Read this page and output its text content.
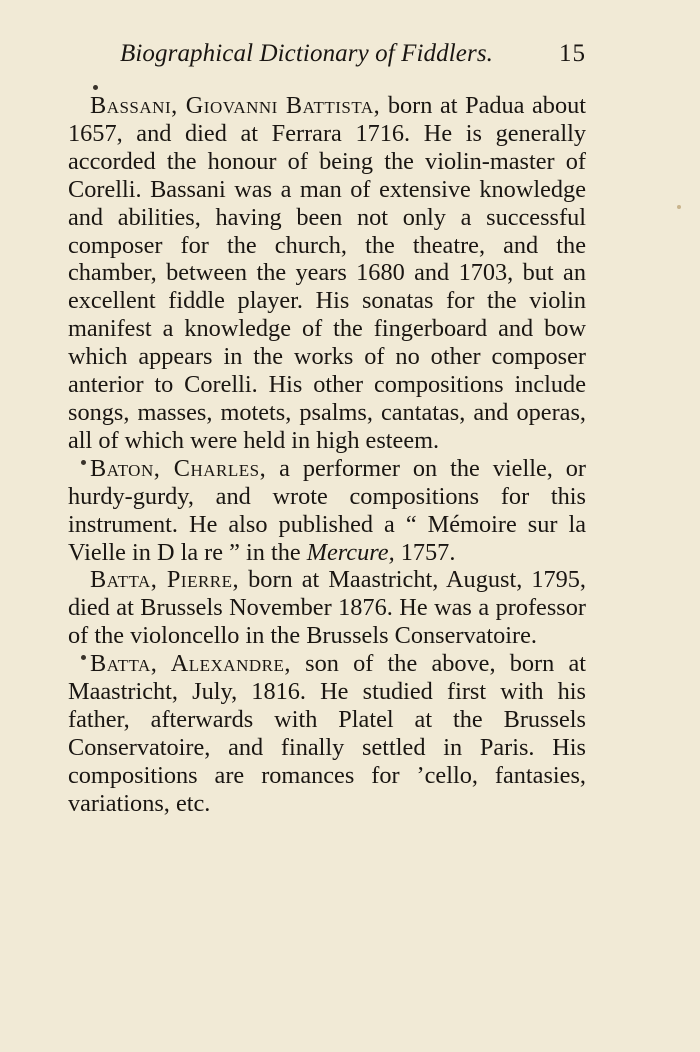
Biographical Dictionary of Fiddlers.	15

Bassani, Giovanni Battista, born at Padua about 1657, and died at Ferrara 1716. He is generally accorded the honour of being the violin-master of Corelli. Bassani was a man of extensive knowledge and abilities, having been not only a successful composer for the church, the theatre, and the chamber, between the years 1680 and 1703, but an excellent fiddle player. His sonatas for the violin manifest a knowledge of the fingerboard and bow which appears in the works of no other composer anterior to Corelli. His other compositions include songs, masses, motets, psalms, cantatas, and operas, all of which were held in high esteem.

Baton, Charles, a performer on the vielle, or hurdy-gurdy, and wrote compositions for this instrument. He also published a “ Mémoire sur la Vielle in D la re ” in the Mercure, 1757.

Batta, Pierre, born at Maastricht, August, 1795, died at Brussels November 1876. He was a professor of the violoncello in the Brussels Conservatoire.

Batta, Alexandre, son of the above, born at Maastricht, July, 1816. He studied first with his father, afterwards with Platel at the Brussels Conservatoire, and finally settled in Paris. His compositions are romances for ’cello, fantasies, variations, etc.
